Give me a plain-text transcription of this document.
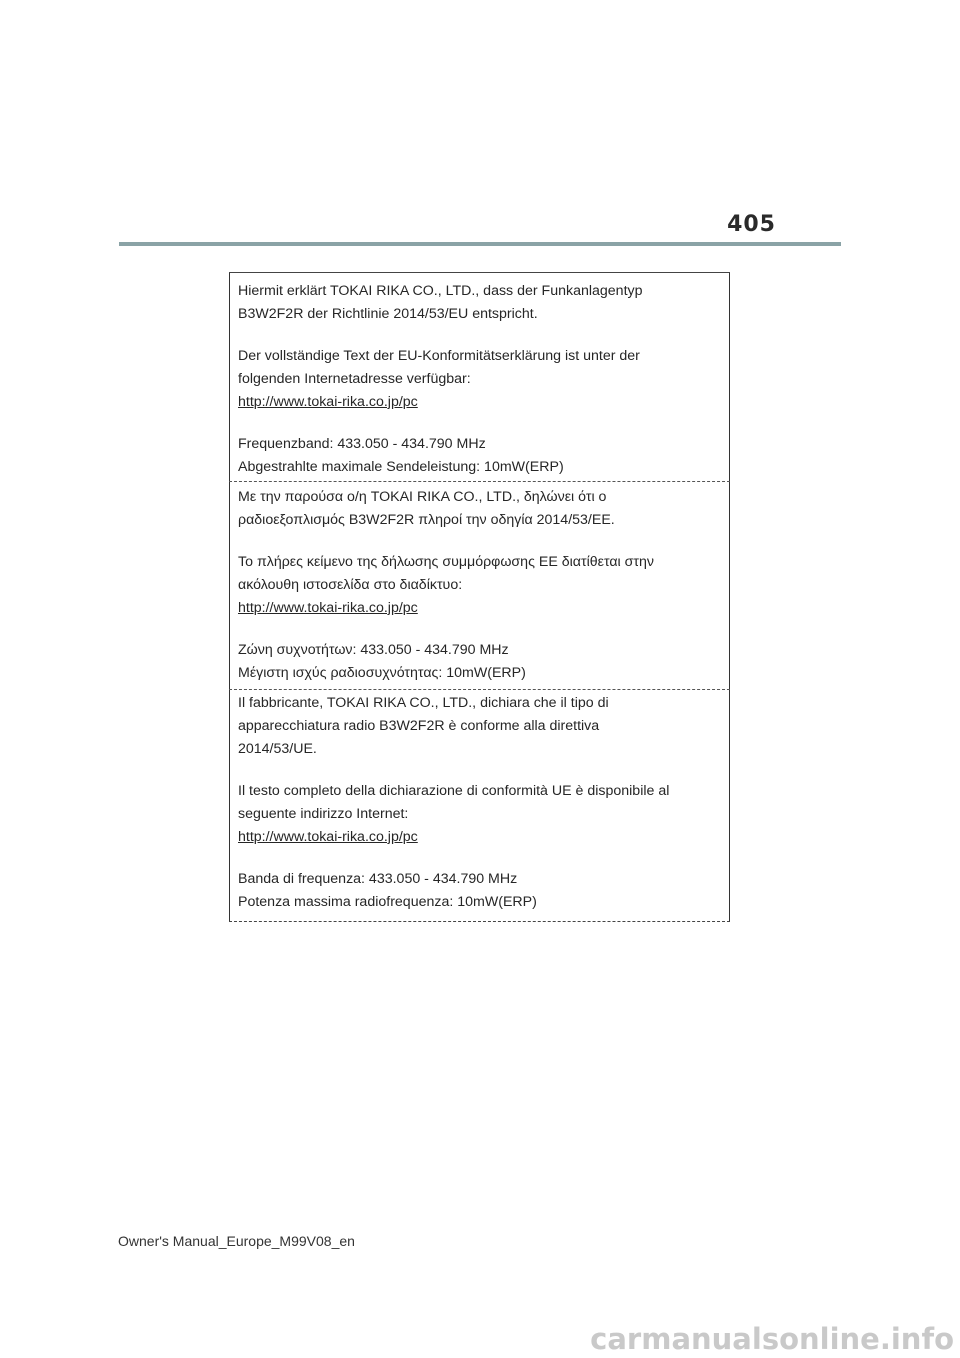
405

Hiermit erklärt TOKAI RIKA CO., LTD., dass der Funkanlagentyp
B3W2F2R der Richtlinie 2014/53/EU entspricht.

Der vollständige Text der EU-Konformitätserklärung ist unter der
folgenden Internetadresse verfügbar:
http://www.tokai-rika.co.jp/pc

Frequenzband: 433.050 - 434.790 MHz
Abgestrahlte maximale Sendeleistung: 10mW(ERP)

Με την παρούσα ο/η TOKAI RIKA CO., LTD., δηλώνει ότι ο
ραδιοεξοπλισμός B3W2F2R πληροί την οδηγία 2014/53/ΕΕ.

Το πλήρες κείμενο της δήλωσης συμμόρφωσης ΕΕ διατίθεται στην
ακόλουθη ιστοσελίδα στο διαδίκτυο:
http://www.tokai-rika.co.jp/pc

Ζώνη συχνοτήτων: 433.050 - 434.790 MHz
Μέγιστη ισχύς ραδιοσυχνότητας: 10mW(ERP)

Il fabbricante, TOKAI RIKA CO., LTD., dichiara che il tipo di
apparecchiatura radio B3W2F2R è conforme alla direttiva
2014/53/UE.

Il testo completo della dichiarazione di conformità UE è disponibile al
seguente indirizzo Internet:
http://www.tokai-rika.co.jp/pc

Banda di frequenza: 433.050 - 434.790 MHz
Potenza massima radiofrequenza: 10mW(ERP)

Owner's Manual_Europe_M99V08_en
carmanualsonline.info
